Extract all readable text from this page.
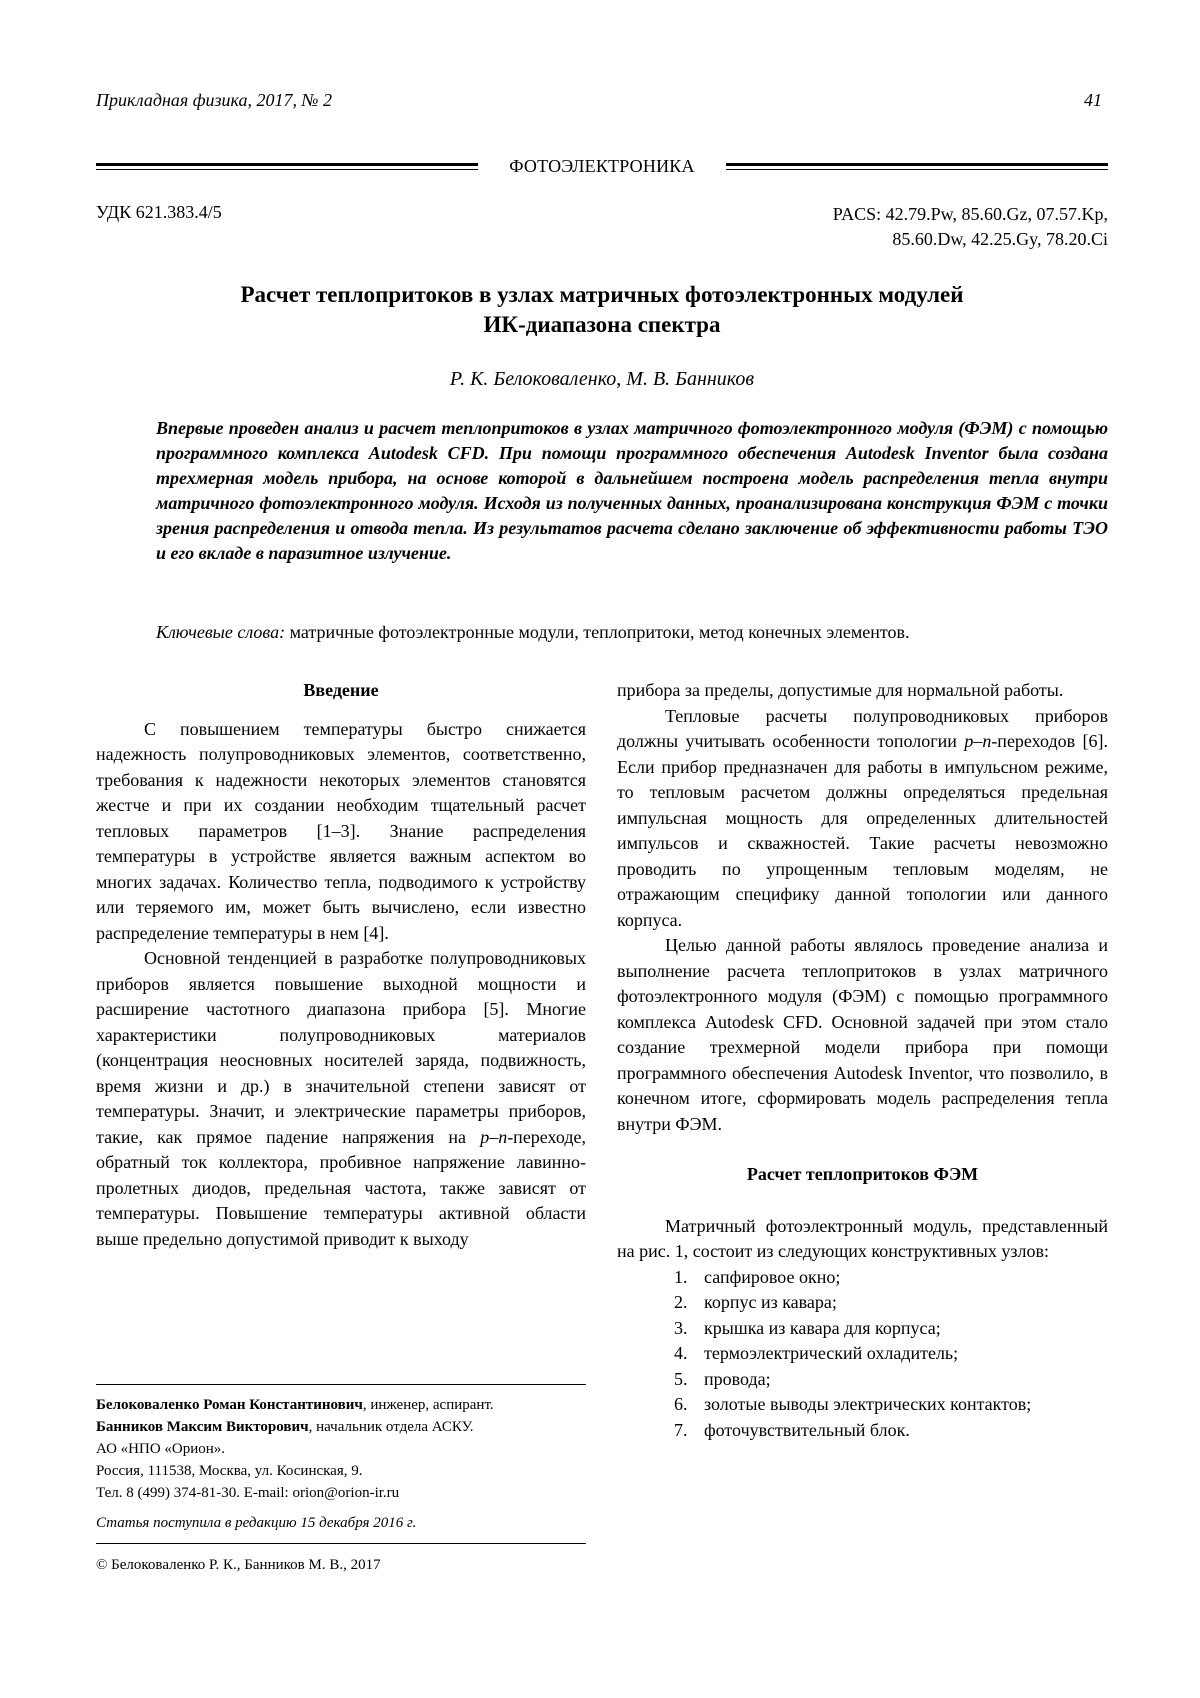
Прикладная физика, 2017, № 2	41
ФОТОЭЛЕКТРОНИКА
УДК 621.383.4/5	PACS: 42.79.Pw, 85.60.Gz, 07.57.Kp,
85.60.Dw, 42.25.Gy, 78.20.Ci
Расчет теплопритоков в узлах матричных фотоэлектронных модулей
ИК-диапазона спектра
Р. К. Белоковаленко, М. В. Банников
Впервые проведен анализ и расчет теплопритоков в узлах матричного фотоэлектронного модуля (ФЭМ) с помощью программного комплекса Autodesk CFD. При помощи программного обеспечения Autodesk Inventor была создана трехмерная модель прибора, на основе которой в дальнейшем построена модель распределения тепла внутри матричного фотоэлектронного модуля. Исходя из полученных данных, проанализирована конструкция ФЭМ с точки зрения распределения и отвода тепла. Из результатов расчета сделано заключение об эффективности работы ТЭО и его вкладе в паразитное излучение.
Ключевые слова: матричные фотоэлектронные модули, теплопритоки, метод конечных элементов.
Введение

С повышением температуры быстро снижается надежность полупроводниковых элементов, соответственно, требования к надежности некоторых элементов становятся жестче и при их создании необходим тщательный расчет тепловых параметров [1–3]. Знание распределения температуры в устройстве является важным аспектом во многих задачах. Количество тепла, подводимого к устройству или теряемого им, может быть вычислено, если известно распределение температуры в нем [4].

Основной тенденцией в разработке полупроводниковых приборов является повышение выходной мощности и расширение частотного диапазона прибора [5]. Многие характеристики полупроводниковых материалов (концентрация неосновных носителей заряда, подвижность, время жизни и др.) в значительной степени зависят от температуры. Значит, и электрические параметры приборов, такие, как прямое падение напряжения на p–n-переходе, обратный ток коллектора, пробивное напряжение лавинно-пролетных диодов, предельная частота, также зависят от температуры. Повышение температуры активной области выше предельно допустимой приводит к выходу

прибора за пределы, допустимые для нормальной работы.

Тепловые расчеты полупроводниковых приборов должны учитывать особенности топологии p–n-переходов [6]. Если прибор предназначен для работы в импульсном режиме, то тепловым расчетом должны определяться предельная импульсная мощность для определенных длительностей импульсов и скважностей. Такие расчеты невозможно проводить по упрощенным тепловым моделям, не отражающим специфику данной топологии или данного корпуса.

Целью данной работы являлось проведение анализа и выполнение расчета теплопритоков в узлах матричного фотоэлектронного модуля (ФЭМ) с помощью программного комплекса Autodesk CFD. Основной задачей при этом стало создание трехмерной модели прибора при помощи программного обеспечения Autodesk Inventor, что позволило, в конечном итоге, сформировать модель распределения тепла внутри ФЭМ.

Расчет теплопритоков ФЭМ

Матричный фотоэлектронный модуль, представленный на рис. 1, состоит из следующих конструктивных узлов:

1. сапфировое окно;
2. корпус из кавара;
3. крышка из кавара для корпуса;
4. термоэлектрический охладитель;
5. провода;
6. золотые выводы электрических контактов;
7. фоточувствительный блок.
Белоковаленко Роман Константинович, инженер, аспирант.
Банников Максим Викторович, начальник отдела АСКУ.
АО «НПО «Орион».
Россия, 111538, Москва, ул. Косинская, 9.
Тел. 8 (499) 374-81-30. E-mail: orion@orion-ir.ru
Статья поступила в редакцию 15 декабря 2016 г.
© Белоковаленко Р. К., Банников М. В., 2017
